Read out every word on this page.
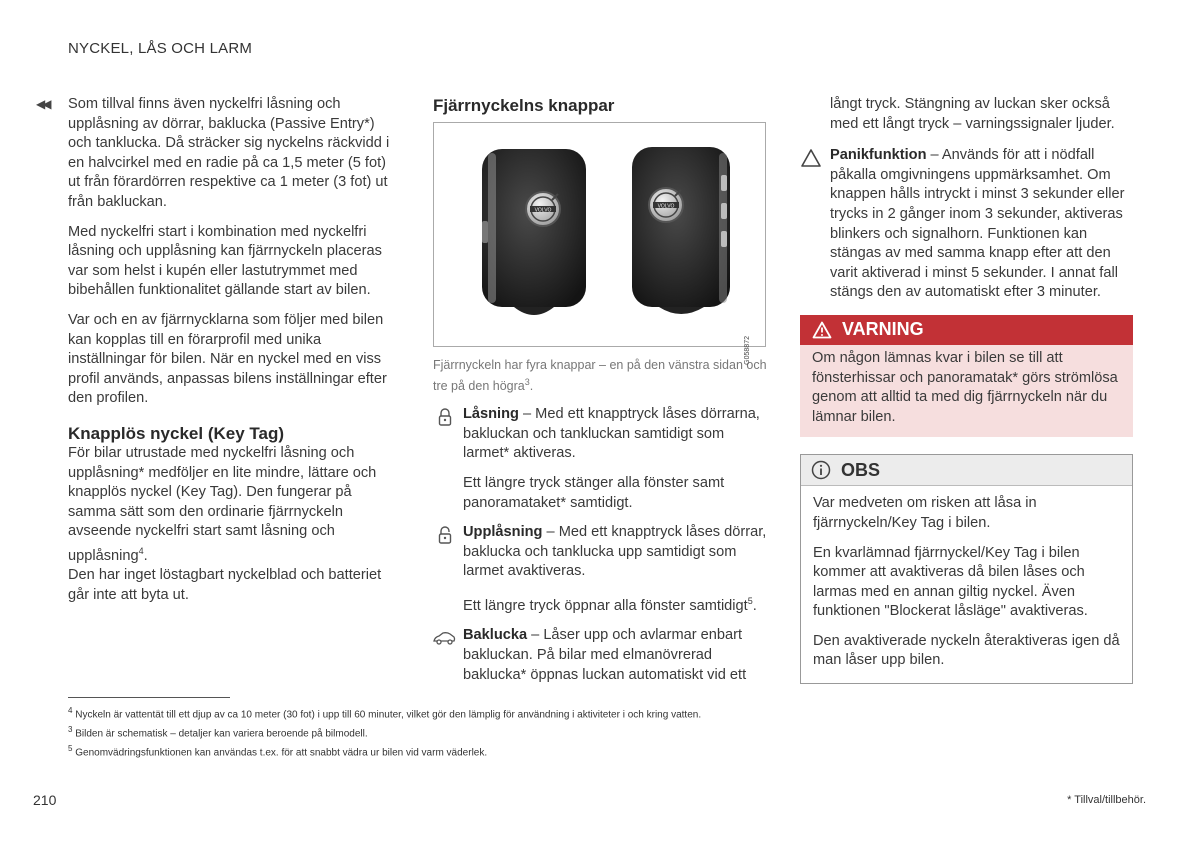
NYCKEL, LÅS OCH LARM
◀◀ Som tillval finns även nyckelfri låsning och upplåsning av dörrar, baklucka (Passive Entry*) och tanklucka. Då sträcker sig nyckelns räckvidd i en halvcirkel med en radie på ca 1,5 meter (5 fot) ut från förardörren respektive ca 1 meter (3 fot) ut från bakluckan.

Med nyckelfri start i kombination med nyckelfri låsning och upplåsning kan fjärrnyckeln placeras var som helst i kupén eller lastutrymmet med bibehållen funktionalitet gällande start av bilen.

Var och en av fjärrnycklarna som följer med bilen kan kopplas till en förarprofil med unika inställningar för bilen. När en nyckel med en viss profil används, anpassas bilens inställningar efter den profilen.

Knapplös nyckel (Key Tag)

För bilar utrustade med nyckelfri låsning och upplåsning* medföljer en lite mindre, lättare och knapplös nyckel (Key Tag). Den fungerar på samma sätt som den ordinarie fjärrnyckeln avseende nyckelfri start samt låsning och upplåsning$^4$.

Den har inget löstagbart nyckelblad och batteriet går inte att byta ut.

Fjärrnyckelns knappar
VOLVO
VOLVO
G058872
Fjärrnyckeln har fyra knappar – en på den vänstra sidan och tre på den högra$^3$.
Låsning – Med ett knapptryck låses dörrarna, bakluckan och tankluckan samtidigt som larmet* aktiveras.

Ett längre tryck stänger alla fönster samt panoramataket* samtidigt.

Upplåsning – Med ett knapptryck låses dörrar, baklucka och tanklucka upp samtidigt som larmet avaktiveras.

Ett längre tryck öppnar alla fönster samtidigt$^5$.

Baklucka – Låser upp och avlarmar enbart bakluckan. På bilar med elmanövrerad baklucka* öppnas luckan automatiskt vid ett

långt tryck. Stängning av luckan sker också med ett långt tryck – varningssignaler ljuder.

Panikfunktion – Används för att i nödfall påkalla omgivningens uppmärksamhet. Om knappen hålls intryckt i minst 3 sekunder eller trycks in 2 gånger inom 3 sekunder, aktiveras blinkers och signalhorn. Funktionen kan stängas av med samma knapp efter att den varit aktiverad i minst 5 sekunder. I annat fall stängs den av automatiskt efter 3 minuter.
VARNING
Om någon lämnas kvar i bilen se till att fönsterhissar och panoramatak* görs strömlösa genom att alltid ta med dig fjärrnyckeln när du lämnar bilen.
OBS

Var medveten om risken att låsa in fjärrnyckeln/Key Tag i bilen.

En kvarlämnad fjärrnyckel/Key Tag i bilen kommer att avaktiveras då bilen låses och larmas med en annan giltig nyckel. Även funktionen "Blockerat låsläge" avaktiveras.

Den avaktiverade nyckeln återaktiveras igen då man låser upp bilen.

$^4$ Nyckeln är vattentät till ett djup av ca 10 meter (30 fot) i upp till 60 minuter, vilket gör den lämplig för användning i aktiviteter i och kring vatten.
$^3$ Bilden är schematisk – detaljer kan variera beroende på bilmodell.
$^5$ Genomvädringsfunktionen kan användas t.ex. för att snabbt vädra ur bilen vid varm väderlek.
210	* Tillval/tillbehör.
